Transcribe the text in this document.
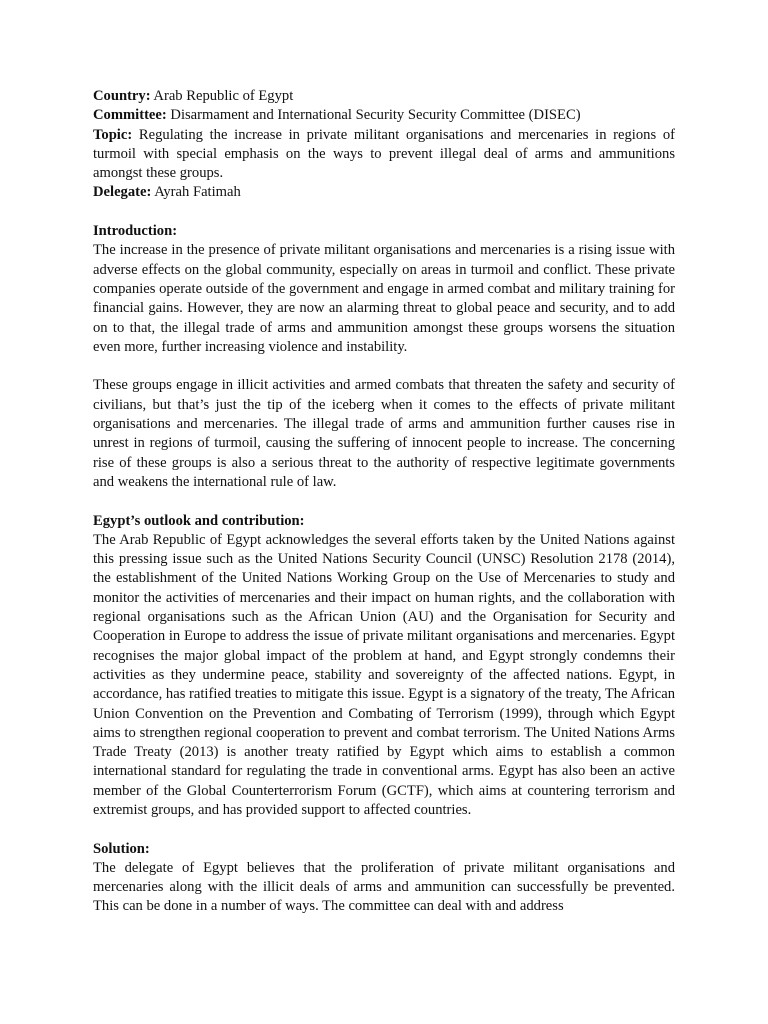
Country: Arab Republic of Egypt

Committee: Disarmament and International Security Security Committee (DISEC)

Topic: Regulating the increase in private militant organisations and mercenaries in regions of turmoil with special emphasis on the ways to prevent illegal deal of arms and ammunitions amongst these groups.

Delegate: Ayrah Fatimah

Introduction:

The increase in the presence of private militant organisations and mercenaries is a rising issue with adverse effects on the global community, especially on areas in turmoil and conflict. These private companies operate outside of the government and engage in armed combat and military training for financial gains. However, they are now an alarming threat to global peace and security, and to add on to that, the illegal trade of arms and ammunition amongst these groups worsens the situation even more, further increasing violence and instability.

These groups engage in illicit activities and armed combats that threaten the safety and security of civilians, but that’s just the tip of the iceberg when it comes to the effects of private militant organisations and mercenaries. The illegal trade of arms and ammunition further causes rise in unrest in regions of turmoil, causing the suffering of innocent people to increase. The concerning rise of these groups is also a serious threat to the authority of respective legitimate governments and weakens the international rule of law.

Egypt’s outlook and contribution:

The Arab Republic of Egypt acknowledges the several efforts taken by the United Nations against this pressing issue such as the United Nations Security Council (UNSC) Resolution 2178 (2014), the establishment of the United Nations Working Group on the Use of Mercenaries to study and monitor the activities of mercenaries and their impact on human rights, and the collaboration with regional organisations such as the African Union (AU) and the Organisation for Security and Cooperation in Europe to address the issue of private militant organisations and mercenaries. Egypt recognises the major global impact of the problem at hand, and Egypt strongly condemns their activities as they undermine peace, stability and sovereignty of the affected nations. Egypt, in accordance, has ratified treaties to mitigate this issue. Egypt is a signatory of the treaty, The African Union Convention on the Prevention and Combating of Terrorism (1999), through which Egypt aims to strengthen regional cooperation to prevent and combat terrorism. The United Nations Arms Trade Treaty (2013) is another treaty ratified by Egypt which aims to establish a common international standard for regulating the trade in conventional arms. Egypt has also been an active member of the Global Counterterrorism Forum (GCTF), which aims at countering terrorism and extremist groups, and has provided support to affected countries.

Solution:

The delegate of Egypt believes that the proliferation of private militant organisations and mercenaries along with the illicit deals of arms and ammunition can successfully be prevented. This can be done in a number of ways. The committee can deal with and address
